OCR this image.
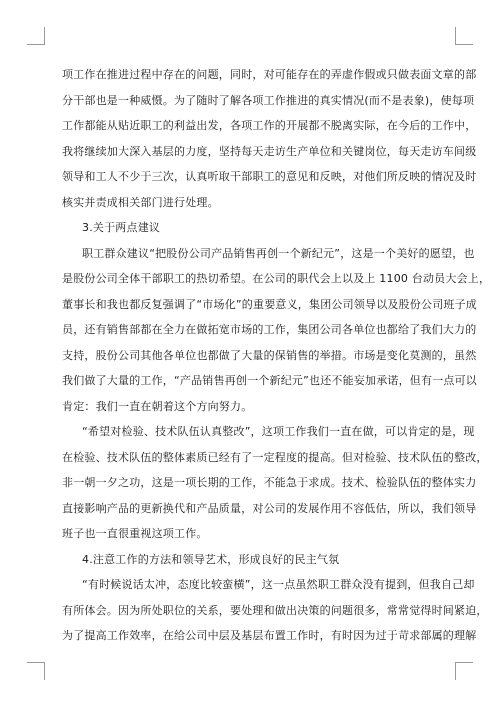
项工作在推进过程中存在的问题，同时，对可能存在的弄虚作假或只做表面文章的部
分干部也是一种威慑。为了随时了解各项工作推进的真实情况(而不是表象)，使每项
工作都能从贴近职工的利益出发，各项工作的开展都不脱离实际，在今后的工作中，
我将继续加大深入基层的力度，坚持每天走访生产单位和关键岗位，每天走访车间级
领导和工人不少于三次，认真听取干部职工的意见和反映，对他们所反映的情况及时
核实并责成相关部门进行处理。
3.关于两点建议
职工群众建议“把股份公司产品销售再创一个新纪元”，这是一个美好的愿望，也
是股份公司全体干部职工的热切希望。在公司的职代会上以及上 1100 台动员大会上，
董事长和我也都反复强调了“市场化”的重要意义，集团公司领导以及股份公司班子成
员，还有销售部都在全力在做拓宽市场的工作，集团公司各单位也都给了我们大力的
支持，股份公司其他各单位也都做了大量的保销售的举措。市场是变化莫测的，虽然
我们做了大量的工作，“产品销售再创一个新纪元”也还不能妄加承诺，但有一点可以
肯定：我们一直在朝着这个方向努力。
“希望对检验、技术队伍认真整改”，这项工作我们一直在做，可以肯定的是，现
在检验、技术队伍的整体素质已经有了一定程度的提高。但对检验、技术队伍的整改，
非一朝一夕之功，这是一项长期的工作，不能急于求成。技术、检验队伍的整体实力
直接影响产品的更新换代和产品质量，对公司的发展作用不容低估，所以，我们领导
班子也一直很重视这项工作。
4.注意工作的方法和领导艺术，形成良好的民主气氛
“有时候说话太冲，态度比较蛮横”，这一点虽然职工群众没有提到，但我自己却
有所体会。因为所处职位的关系，要处理和做出决策的问题很多，常常觉得时间紧迫，
为了提高工作效率，在给公司中层及基层布置工作时，有时因为过于苛求部属的理解
